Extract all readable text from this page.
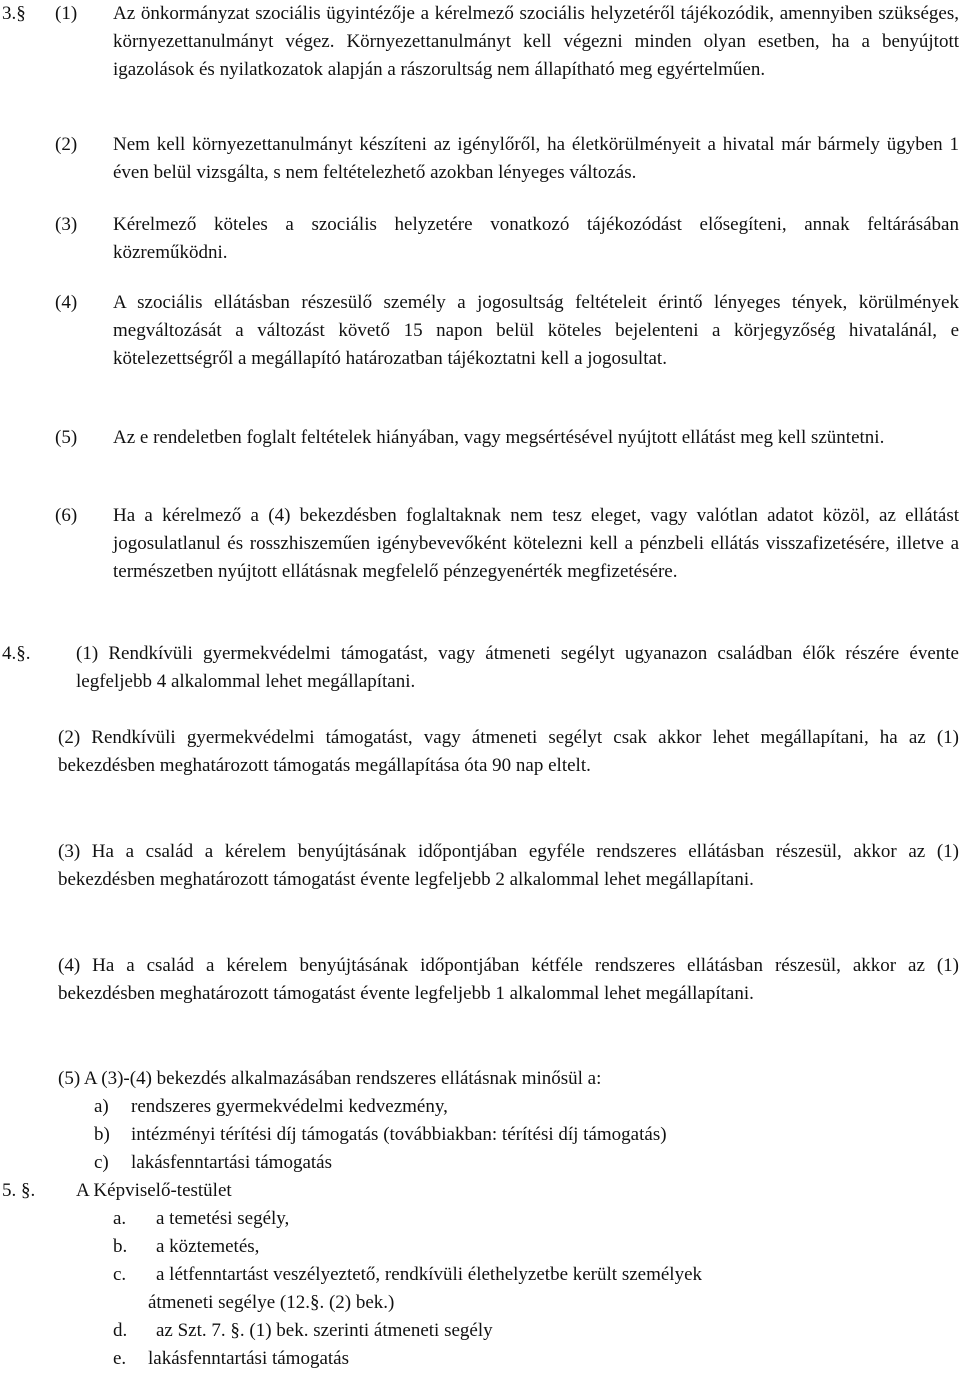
3.§ (1) Az önkormányzat szociális ügyintézője a kérelmező szociális helyzetéről tájékozódik, amennyiben szükséges, környezettanulmányt végez. Környezettanulmányt kell végezni minden olyan esetben, ha a benyújtott igazolások és nyilatkozatok alapján a rászorultság nem állapítható meg egyértelműen.
(2) Nem kell környezettanulmányt készíteni az igénylőről, ha életkörülményeit a hivatal már bármely ügyben 1 éven belül vizsgálta, s nem feltételezhető azokban lényeges változás.
(3) Kérelmező köteles a szociális helyzetére vonatkozó tájékozódást elősegíteni, annak feltárásában közreműködni.
(4) A szociális ellátásban részesülő személy a jogosultság feltételeit érintő lényeges tények, körülmények megváltozását a változást követő 15 napon belül köteles bejelenteni a körjegyzőség hivatalánál, e kötelezettségről a megállapító határozatban tájékoztatni kell a jogosultat.
(5) Az e rendeletben foglalt feltételek hiányában, vagy megsértésével nyújtott ellátást meg kell szüntetni.
(6) Ha a kérelmező a (4) bekezdésben foglaltaknak nem tesz eleget, vagy valótlan adatot közöl, az ellátást jogosulatlanul és rosszhiszeműen igénybevevőként kötelezni kell a pénzbeli ellátás visszafizetésére, illetve a természetben nyújtott ellátásnak megfelelő pénzegyenérték megfizetésére.
4.§. (1) Rendkívüli gyermekvédelmi támogatást, vagy átmeneti segélyt ugyanazon családban élők részére évente legfeljebb 4 alkalommal lehet megállapítani.
(2) Rendkívüli gyermekvédelmi támogatást, vagy átmeneti segélyt csak akkor lehet megállapítani, ha az (1) bekezdésben meghatározott támogatás megállapítása óta 90 nap eltelt.
(3) Ha a család a kérelem benyújtásának időpontjában egyféle rendszeres ellátásban részesül, akkor az (1) bekezdésben meghatározott támogatást évente legfeljebb 2 alkalommal lehet megállapítani.
(4) Ha a család a kérelem benyújtásának időpontjában kétféle rendszeres ellátásban részesül, akkor az (1) bekezdésben meghatározott támogatást évente legfeljebb 1 alkalommal lehet megállapítani.
(5) A (3)-(4) bekezdés alkalmazásában rendszeres ellátásnak minősül a:
a) rendszeres gyermekvédelmi kedvezmény,
b) intézményi térítési díj támogatás (továbbiakban: térítési díj támogatás)
c) lakásfenntartási támogatás
5. §. A Képviselő-testület
a. a temetési segély,
b. a köztemetés,
c. a létfenntartást veszélyeztető, rendkívüli élethelyzetbe került személyek
átmeneti segélye (12.§. (2) bek.)
d. az Szt. 7. §. (1) bek. szerinti átmeneti segély
e. lakásfenntartási támogatás
